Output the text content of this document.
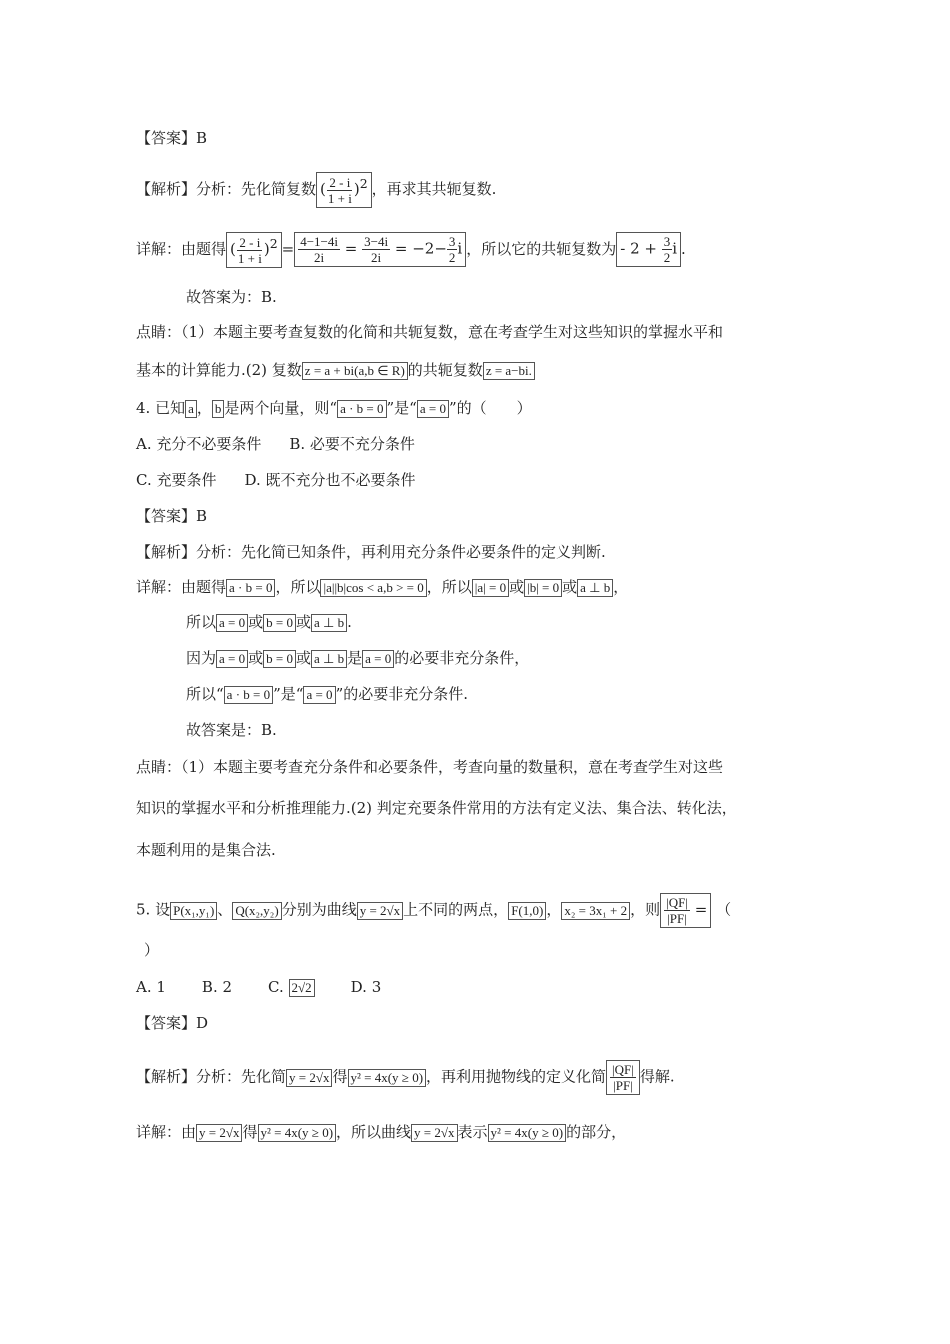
【答案】B
【解析】分析：先化简复数 ( $\frac{2 - i}{1 + i} )^2$ ，再求其共轭复数.
详解：由题得 ( $\frac{2 - i}{1 + i} )^2 = \frac{4-1-4i}{2i} = \frac{3-4i}{2i} = -2- \frac{3}{2}$ i ，所以它的共轭复数为 - $2 + \frac{3}{2}$ i .
故答案为：B.
点睛：（1）本题主要考查复数的化简和共轭复数，意在考查学生对这些知识的掌握水平和
基本的计算能力.(2) 复数 z = a + bi(a,b ∈ R) 的共轭复数 z = a−bi.
4. 已知 a ， b 是两个向量，则“ a · b = 0 ”是“ a = 0 ”的（　　）
A. 充分不必要条件 B. 必要不充分条件
C. 充要条件 D. 既不充分也不必要条件
【答案】B
【解析】分析：先化简已知条件，再利用充分条件必要条件的定义判断.
详解：由题得 a · b = 0 ，所以 |a||b|cos < a,b > = 0 ，所以 |a| = 0 或 |b| = 0 或 a ⊥ b ，
所以 a = 0 或 b = 0 或 a ⊥ b .
因为 a = 0 或 b = 0 或 a ⊥ b 是 a = 0 的必要非充分条件，
所以“ a · b = 0 ”是“ a = 0 ”的必要非充分条件.
故答案是：B.
点睛：（1）本题主要考查充分条件和必要条件，考查向量的数量积，意在考查学生对这些
知识的掌握水平和分析推理能力.(2) 判定充要条件常用的方法有定义法、集合法、转化法，
本题利用的是集合法.
5. 设 P(x₁,y₁) 、 Q(x₂,y₂) 分别为曲线 y = 2√x 上不同的两点， F(1,0) ， x₂ = 3x₁ + 2 ，则 $\frac{|QF|}{|PF|}$ = （
）
A. 1 B. 2 C. 2√2	D. 3
【答案】D
【解析】分析：先化简 y = 2√x 得 y² = 4x(y ≥ 0) ，再利用抛物线的定义化简 $\frac{|QF|}{|PF|}$ 得解.
详解：由 y = 2√x 得 y² = 4x(y ≥ 0) ，所以曲线 y = 2√x 表示 y² = 4x(y ≥ 0) 的部分，
